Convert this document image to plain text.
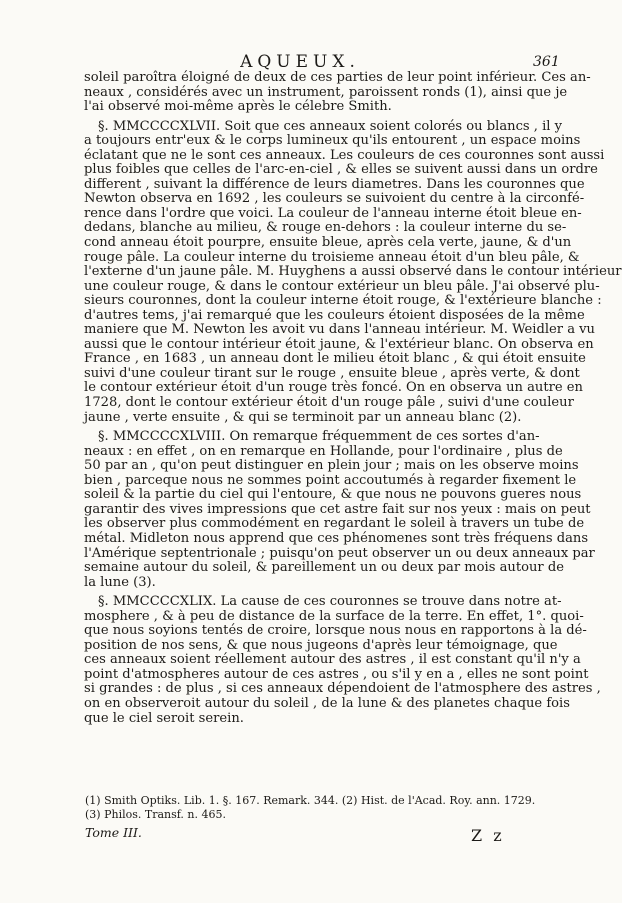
AQUEUX.	361
soleil paroîtra éloigné de deux de ces parties de leur point inférieur. Ces an-
neaux , considérés avec un instrument, paroissent ronds (1), ainsi que je
l'ai observé moi-même après le célebre Smith.
§. MMCCCCXLVII. Soit que ces anneaux soient colorés ou blancs , il y
a toujours entr'eux & le corps lumineux qu'ils entourent , un espace moins
éclatant que ne le sont ces anneaux. Les couleurs de ces couronnes sont aussi
plus foibles que celles de l'arc-en-ciel , & elles se suivent aussi dans un ordre
different , suivant la différence de leurs diametres. Dans les couronnes que
Newton observa en 1692 , les couleurs se suivoient du centre à la circonfé-
rence dans l'ordre que voici. La couleur de l'anneau interne étoit bleue en-
dedans, blanche au milieu, & rouge en-dehors : la couleur interne du se-
cond anneau étoit pourpre, ensuite bleue, après cela verte, jaune, & d'un
rouge pâle. La couleur interne du troisieme anneau étoit d'un bleu pâle, &
l'externe d'un jaune pâle. M. Huyghens a aussi observé dans le contour intérieur
une couleur rouge, & dans le contour extérieur un bleu pâle. J'ai observé plu-
sieurs couronnes, dont la couleur interne étoit rouge, & l'extérieure blanche :
d'autres tems, j'ai remarqué que les couleurs étoient disposées de la même
maniere que M. Newton les avoit vu dans l'anneau intérieur. M. Weidler a vu
aussi que le contour intérieur étoit jaune, & l'extérieur blanc. On observa en
France , en 1683 , un anneau dont le milieu étoit blanc , & qui étoit ensuite
suivi d'une couleur tirant sur le rouge , ensuite bleue , après verte, & dont
le contour extérieur étoit d'un rouge très foncé. On en observa un autre en
1728, dont le contour extérieur étoit d'un rouge pâle , suivi d'une couleur
jaune , verte ensuite , & qui se terminoit par un anneau blanc (2).
§. MMCCCCXLVIII. On remarque fréquemment de ces sortes d'an-
neaux : en effet , on en remarque en Hollande, pour l'ordinaire , plus de
50 par an , qu'on peut distinguer en plein jour ; mais on les observe moins
bien , parceque nous ne sommes point accoutumés à regarder fixement le
soleil & la partie du ciel qui l'entoure, & que nous ne pouvons gueres nous
garantir des vives impressions que cet astre fait sur nos yeux : mais on peut
les observer plus commodément en regardant le soleil à travers un tube de
métal. Midleton nous apprend que ces phénomenes sont très fréquens dans
l'Amérique septentrionale ; puisqu'on peut observer un ou deux anneaux par
semaine autour du soleil, & pareillement un ou deux par mois autour de
la lune (3).
§. MMCCCCXLIX. La cause de ces couronnes se trouve dans notre at-
mosphere , & à peu de distance de la surface de la terre. En effet, 1°. quoi-
que nous soyions tentés de croire, lorsque nous nous en rapportons à la dé-
position de nos sens, & que nous jugeons d'après leur témoignage, que
ces anneaux soient réellement autour des astres , il est constant qu'il n'y a
point d'atmospheres autour de ces astres , ou s'il y en a , elles ne sont point
si grandes : de plus , si ces anneaux dépendoient de l'atmosphere des astres ,
on en observeroit autour du soleil , de la lune & des planetes chaque fois
que le ciel seroit serein.
(1) Smith Optiks. Lib. 1. §. 167. Remark. 344. (2) Hist. de l'Acad. Roy. ann. 1729.
(3) Philos. Transf. n. 465.
Tome III.	Z z
